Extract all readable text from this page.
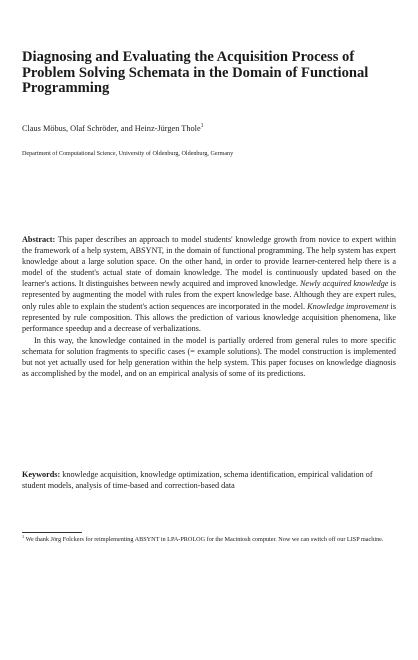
Diagnosing and Evaluating the Acquisition Process of Problem Solving Schemata in the Domain of Functional Programming
Claus Möbus, Olaf Schröder, and Heinz-Jürgen Thole$^1$
Department of Computational Science, University of Oldenburg, Oldenburg, Germany

Abstract: This paper describes an approach to model students' knowledge growth from novice to expert within the framework of a help system, ABSYNT, in the domain of functional programming. The help system has expert knowledge about a large solution space. On the other hand, in order to provide learner-centered help there is a model of the student's actual state of domain knowledge. The model is continuously updated based on the learner's actions. It distinguishes between newly acquired and improved knowledge. Newly acquired knowledge is represented by augmenting the model with rules from the expert knowledge base. Although they are expert rules, only rules able to explain the student's action sequences are incorporated in the model. Knowledge improvement is represented by rule composition. This allows the prediction of various knowledge acquisition phenomena, like performance speedup and a decrease of verbalizations.

In this way, the knowledge contained in the model is partially ordered from general rules to more specific schemata for solution fragments to specific cases (= example solutions). The model construction is implemented but not yet actually used for help generation within the help system. This paper focuses on knowledge diagnosis as accomplished by the model, and on an empirical analysis of some of its predictions.

Keywords: knowledge acquisition, knowledge optimization, schema identification, empirical validation of student models, analysis of time-based and correction-based data
$^1$ We thank Jörg Folckers for reimplementing ABSYNT in LPA-PROLOG for the Macintosh computer. Now we can switch off our LISP machine.
